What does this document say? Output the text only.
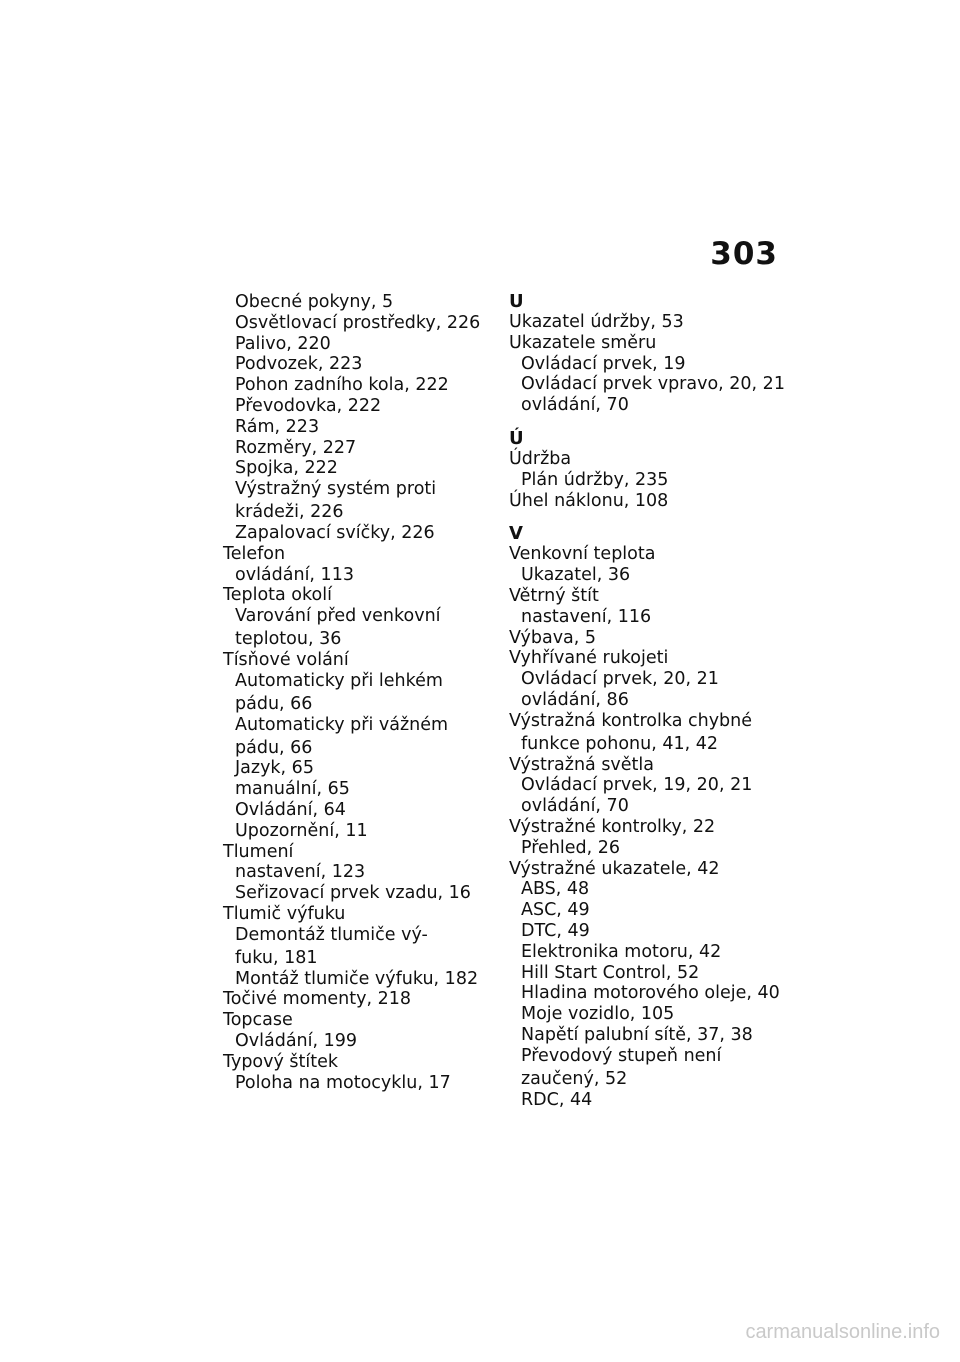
303
Obecné pokyny, 5
Osvětlovací prostředky, 226
Palivo, 220
Podvozek, 223
Pohon zadního kola, 222
Převodovka, 222
Rám, 223
Rozměry, 227
Spojka, 222
Výstražný systém proti
krádeži, 226
Zapalovací svíčky, 226
Telefon
ovládání, 113
Teplota okolí
Varování před venkovní
teplotou, 36
Tísňové volání
Automaticky při lehkém
pádu, 66
Automaticky při vážném
pádu, 66
Jazyk, 65
manuální, 65
Ovládání, 64
Upozornění, 11
Tlumení
nastavení, 123
Seřizovací prvek vzadu, 16
Tlumič výfuku
Demontáž tlumiče vý-
fuku, 181
Montáž tlumiče výfuku, 182
Točivé momenty, 218
Topcase
Ovládání, 199
Typový štítek
Poloha na motocyklu, 17
U
Ukazatel údržby, 53
Ukazatele směru
Ovládací prvek, 19
Ovládací prvek vpravo, 20, 21
ovládání, 70
Ú
Údržba
Plán údržby, 235
Úhel náklonu, 108
V
Venkovní teplota
Ukazatel, 36
Větrný štít
nastavení, 116
Výbava, 5
Vyhřívané rukojeti
Ovládací prvek, 20, 21
ovládání, 86
Výstražná kontrolka chybné
funkce pohonu, 41, 42
Výstražná světla
Ovládací prvek, 19, 20, 21
ovládání, 70
Výstražné kontrolky, 22
Přehled, 26
Výstražné ukazatele, 42
ABS, 48
ASC, 49
DTC, 49
Elektronika motoru, 42
Hill Start Control, 52
Hladina motorového oleje, 40
Moje vozidlo, 105
Napětí palubní sítě, 37, 38
Převodový stupeň není
zaučený, 52
RDC, 44
carmanualsonline.info
